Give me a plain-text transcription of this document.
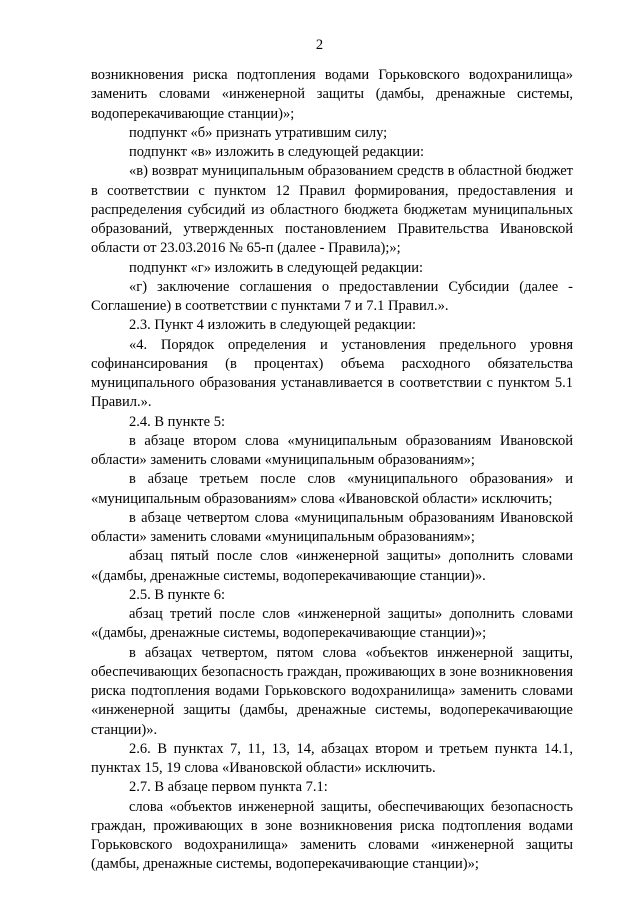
2

возникновения риска подтопления водами Горьковского водохранилища» заменить словами «инженерной защиты (дамбы, дренажные системы, водоперекачивающие станции)»;

подпункт «б» признать утратившим силу;

подпункт «в» изложить в следующей редакции:

«в) возврат муниципальным образованием средств в областной бюджет в соответствии с пунктом 12 Правил формирования, предоставления и распределения субсидий из областного бюджета бюджетам муниципальных образований, утвержденных постановлением Правительства Ивановской области от 23.03.2016 № 65-п (далее - Правила);»;

подпункт «г» изложить в следующей редакции:

«г) заключение соглашения о предоставлении Субсидии (далее - Соглашение) в соответствии с пунктами 7 и 7.1 Правил.».

2.3. Пункт 4 изложить в следующей редакции:

«4. Порядок определения и установления предельного уровня софинансирования (в процентах) объема расходного обязательства муниципального образования устанавливается в соответствии с пунктом 5.1 Правил.».

2.4. В пункте 5:

в абзаце втором слова «муниципальным образованиям Ивановской области» заменить словами «муниципальным образованиям»;

в абзаце третьем после слов «муниципального образования» и «муниципальным образованиям» слова «Ивановской области» исключить;

в абзаце четвертом слова «муниципальным образованиям Ивановской области» заменить словами «муниципальным образованиям»;

абзац пятый после слов «инженерной защиты» дополнить словами «(дамбы, дренажные системы, водоперекачивающие станции)».

2.5. В пункте 6:

абзац третий после слов «инженерной защиты» дополнить словами «(дамбы, дренажные системы, водоперекачивающие станции)»;

в абзацах четвертом, пятом слова «объектов инженерной защиты, обеспечивающих безопасность граждан, проживающих в зоне возникновения риска подтопления водами Горьковского водохранилища» заменить словами «инженерной защиты (дамбы, дренажные системы, водоперекачивающие станции)».

2.6. В пунктах 7, 11, 13, 14, абзацах втором и третьем пункта 14.1, пунктах 15, 19 слова «Ивановской области» исключить.

2.7. В абзаце первом пункта 7.1:

слова «объектов инженерной защиты, обеспечивающих безопасность граждан, проживающих в зоне возникновения риска подтопления водами Горьковского водохранилища» заменить словами «инженерной защиты (дамбы, дренажные системы, водоперекачивающие станции)»;
